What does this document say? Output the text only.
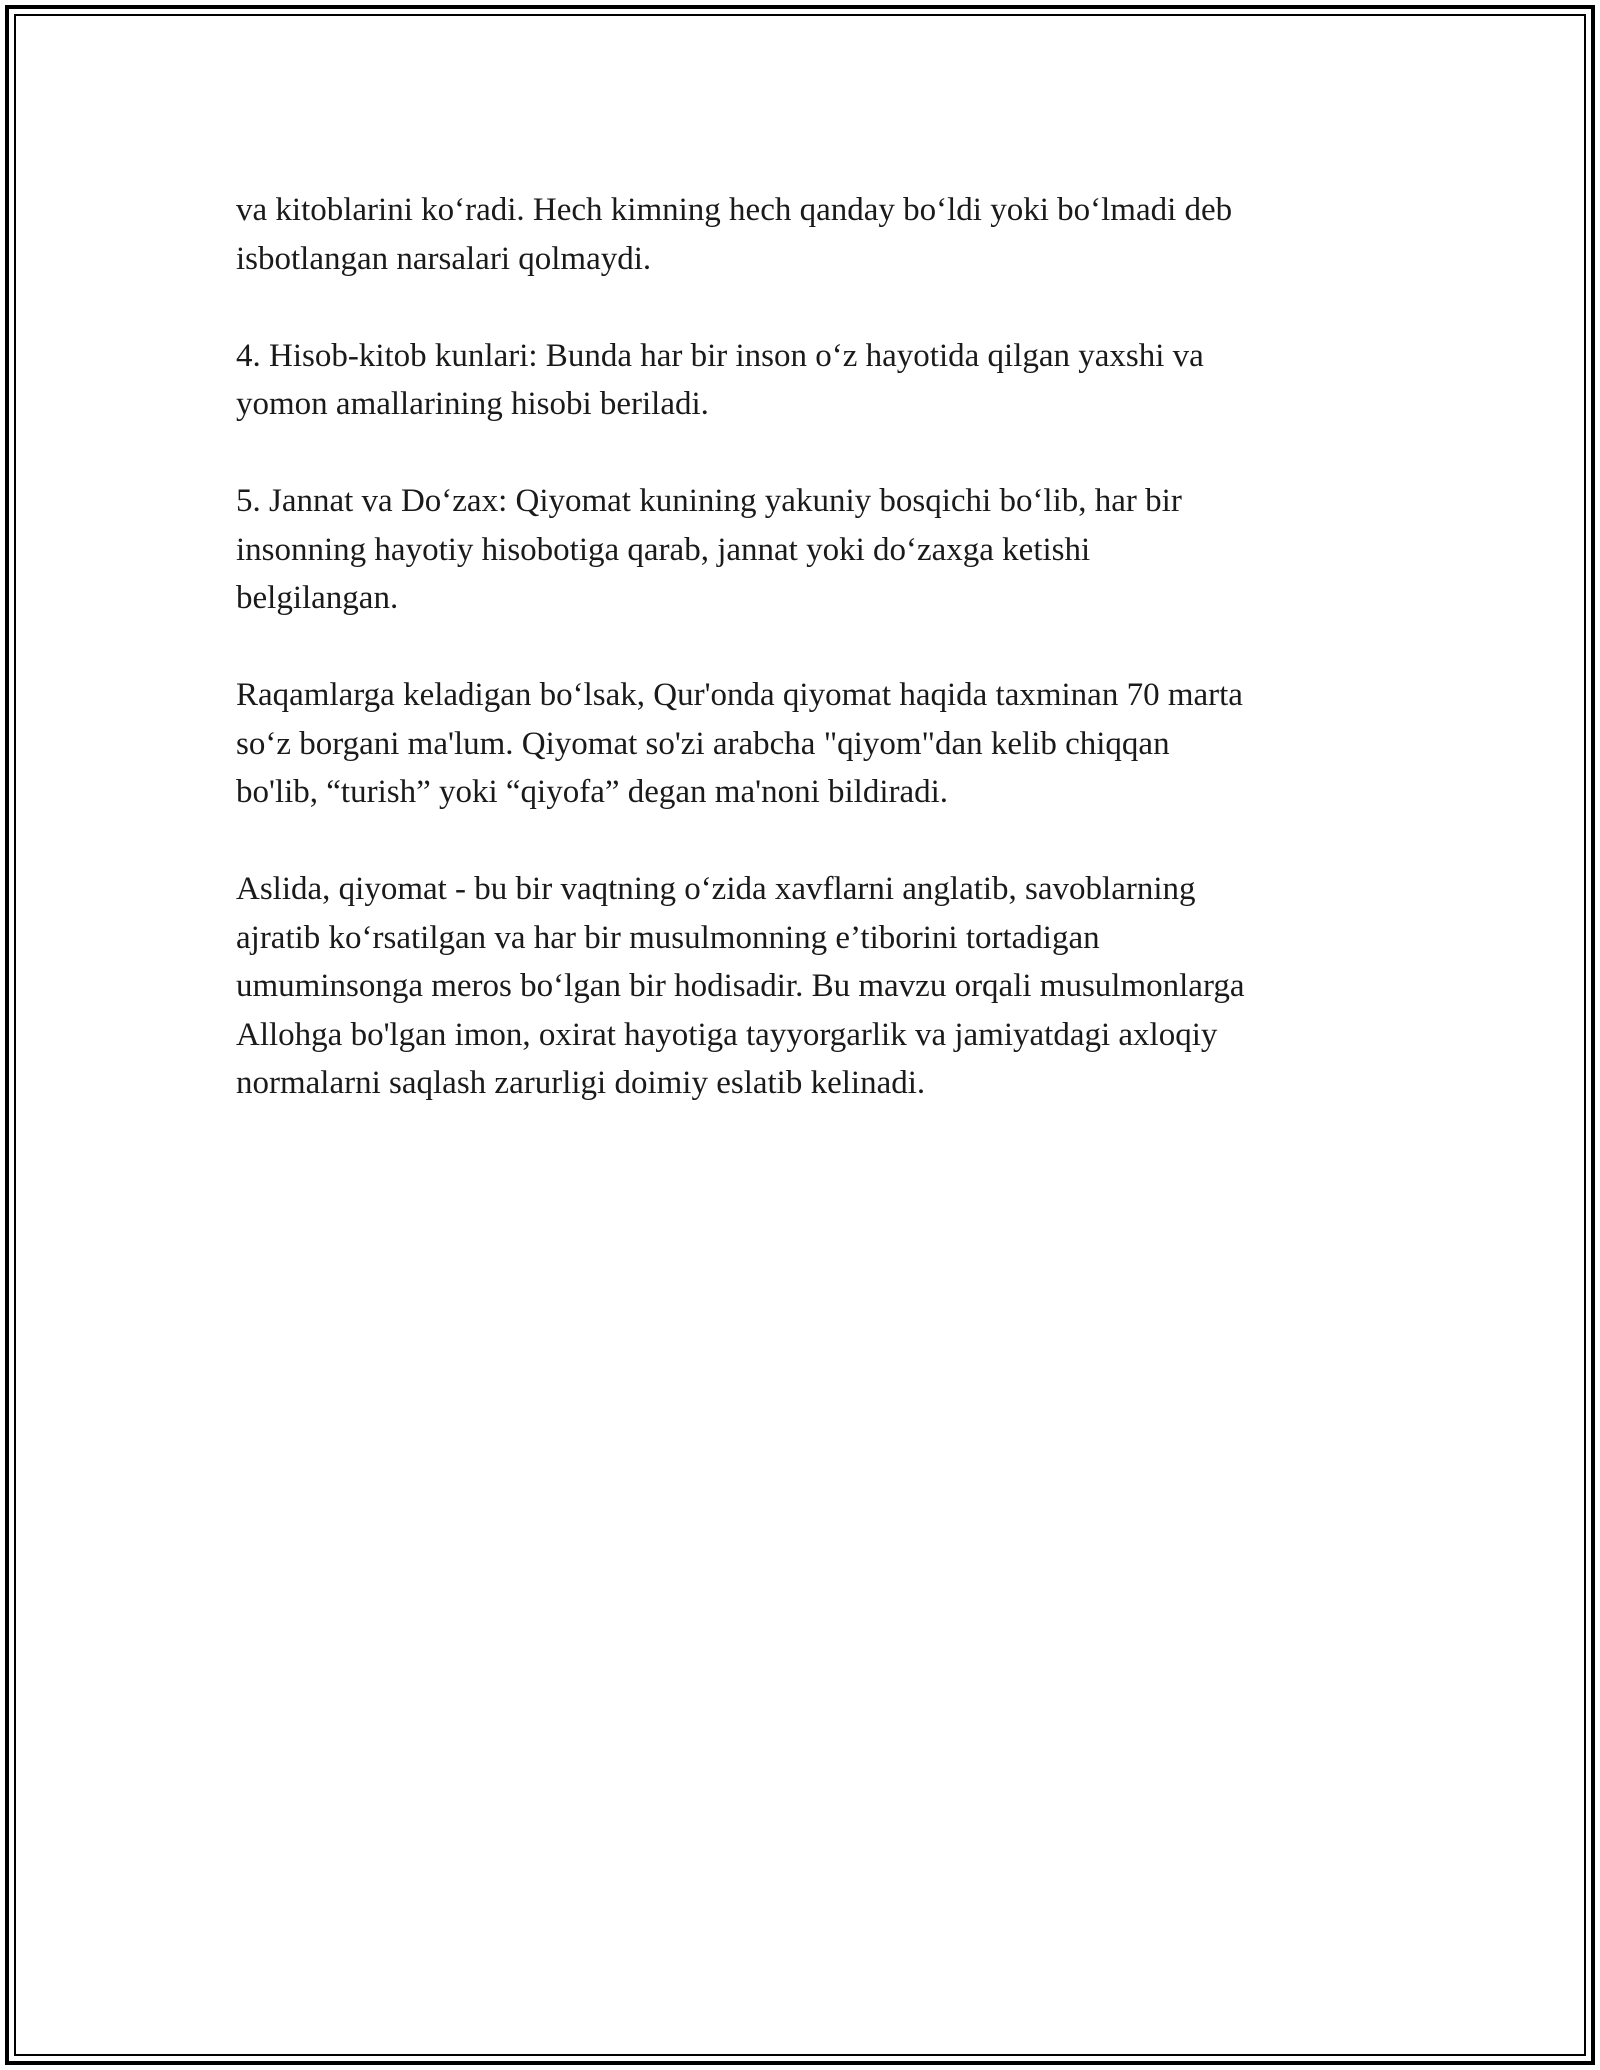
va kitoblarini ko‘radi. Hech kimning hech qanday bo‘ldi yoki bo‘lmadi deb
isbotlangan narsalari qolmaydi.

4. Hisob-kitob kunlari: Bunda har bir inson o‘z hayotida qilgan yaxshi va
yomon amallarining hisobi beriladi.

5. Jannat va Do‘zax: Qiyomat kunining yakuniy bosqichi bo‘lib, har bir
insonning hayotiy hisobotiga qarab, jannat yoki do‘zaxga ketishi
belgilangan.

Raqamlarga keladigan bo‘lsak, Qur'onda qiyomat haqida taxminan 70 marta
so‘z borgani ma'lum. Qiyomat so'zi arabcha "qiyom"dan kelib chiqqan
bo'lib, “turish” yoki “qiyofa” degan ma'noni bildiradi.

Aslida, qiyomat - bu bir vaqtning o‘zida xavflarni anglatib, savoblarning
ajratib ko‘rsatilgan va har bir musulmonning e’tiborini tortadigan
umuminsonga meros bo‘lgan bir hodisadir. Bu mavzu orqali musulmonlarga
Allohga bo'lgan imon, oxirat hayotiga tayyorgarlik va jamiyatdagi axloqiy
normalarni saqlash zarurligi doimiy eslatib kelinadi.
